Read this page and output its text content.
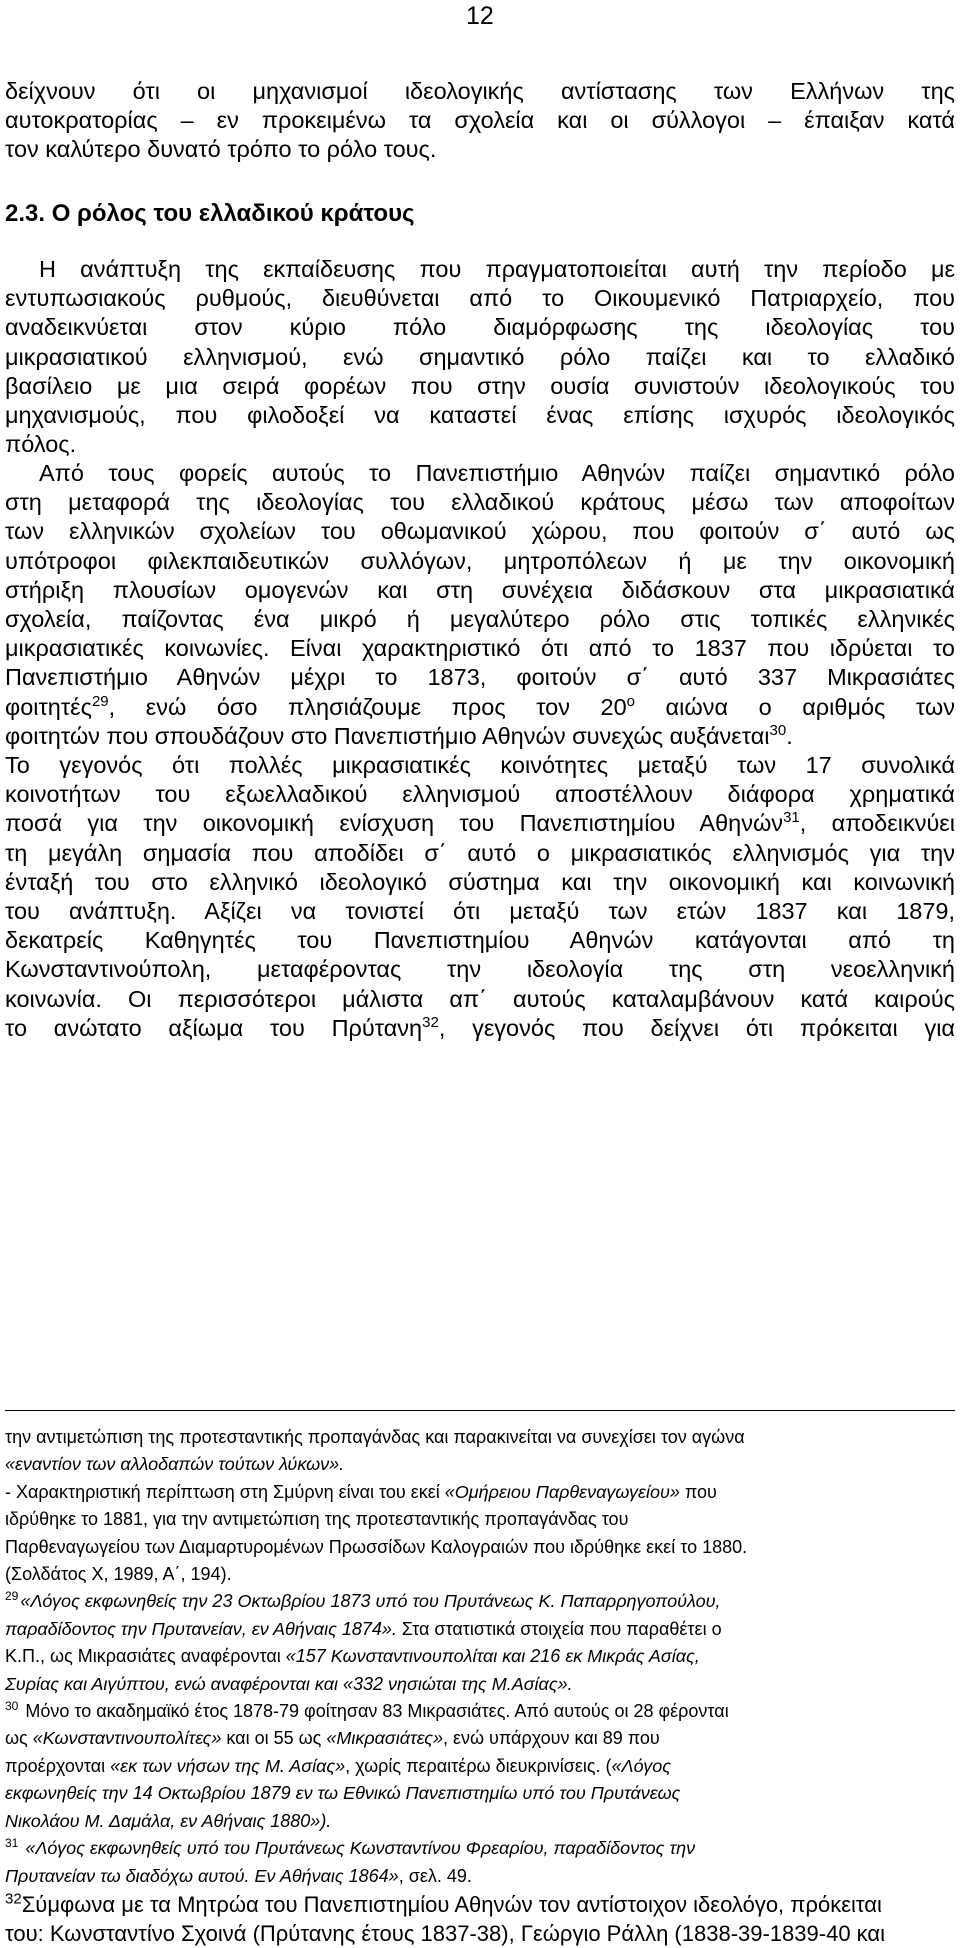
12
δείχνουν ότι οι μηχανισμοί ιδεολογικής αντίστασης των Ελλήνων της
αυτοκρατορίας – εν προκειμένω τα σχολεία και οι σύλλογοι – έπαιξαν κατά
τον καλύτερο δυνατό τρόπο το ρόλο τους.
2.3. Ο ρόλος του ελλαδικού κράτους
Η ανάπτυξη της εκπαίδευσης που πραγματοποιείται αυτή την περίοδο με
εντυπωσιακούς ρυθμούς, διευθύνεται από το Οικουμενικό Πατριαρχείο, που
αναδεικνύεται στον κύριο πόλο διαμόρφωσης της ιδεολογίας του
μικρασιατικού ελληνισμού, ενώ σημαντικό ρόλο παίζει και το ελλαδικό
βασίλειο με μια σειρά φορέων που στην ουσία συνιστούν ιδεολογικούς του
μηχανισμούς, που φιλοδοξεί να καταστεί ένας επίσης ισχυρός ιδεολογικός
πόλος.
Από τους φορείς αυτούς το Πανεπιστήμιο Αθηνών παίζει σημαντικό ρόλο
στη μεταφορά της ιδεολογίας του ελλαδικού κράτους μέσω των αποφοίτων
των ελληνικών σχολείων του οθωμανικού χώρου, που φοιτούν σ΄ αυτό ως
υπότροφοι φιλεκπαιδευτικών συλλόγων, μητροπόλεων ή με την οικονομική
στήριξη πλουσίων ομογενών και στη συνέχεια διδάσκουν στα μικρασιατικά
σχολεία, παίζοντας ένα μικρό ή μεγαλύτερο ρόλο στις τοπικές ελληνικές
μικρασιατικές κοινωνίες. Είναι χαρακτηριστικό ότι από το 1837 που ιδρύεται το
Πανεπιστήμιο Αθηνών μέχρι το 1873, φοιτούν σ΄ αυτό 337 Μικρασιάτες
φοιτητές$^{29}$, ενώ όσο πλησιάζουμε προς τον $20^o$ αιώνα ο αριθμός των
φοιτητών που σπουδάζουν στο Πανεπιστήμιο Αθηνών συνεχώς αυξάνεται$^{30}$.
Το γεγονός ότι πολλές μικρασιατικές κοινότητες μεταξύ των 17 συνολικά
κοινοτήτων του εξωελλαδικού ελληνισμού αποστέλλουν διάφορα χρηματικά
ποσά για την οικονομική ενίσχυση του Πανεπιστημίου Αθηνών$^{31}$, αποδεικνύει
τη μεγάλη σημασία που αποδίδει σ΄ αυτό ο μικρασιατικός ελληνισμός για την
ένταξή του στο ελληνικό ιδεολογικό σύστημα και την οικονομική και κοινωνική
του ανάπτυξη. Αξίζει να τονιστεί ότι μεταξύ των ετών 1837 και 1879,
δεκατρείς Καθηγητές του Πανεπιστημίου Αθηνών κατάγονται από τη
Κωνσταντινούπολη, μεταφέροντας την ιδεολογία της στη νεοελληνική
κοινωνία. Οι περισσότεροι μάλιστα απ΄ αυτούς καταλαμβάνουν κατά καιρούς
το ανώτατο αξίωμα του Πρύτανη$^{32}$, γεγονός που δείχνει ότι πρόκειται για

την αντιμετώπιση της προτεσταντικής προπαγάνδας και παρακινείται να συνεχίσει τον αγώνα

«εναντίον των αλλοδαπών τούτων λύκων».

- Χαρακτηριστική περίπτωση στη Σμύρνη είναι του εκεί «Ομήρειου Παρθεναγωγείου» που

ιδρύθηκε το 1881, για την αντιμετώπιση της προτεσταντικής προπαγάνδας του

Παρθεναγωγείου των Διαμαρτυρομένων Πρωσσίδων Καλογραιών που ιδρύθηκε εκεί το 1880.

(Σολδάτος Χ, 1989, Α΄, 194).

$^{29}$ «Λόγος εκφωνηθείς την 23 Οκτωβρίου 1873 υπό του Πρυτάνεως Κ. Παπαρρηγοπούλου,

παραδίδοντος την Πρυτανείαν, εν Αθήναις 1874». Στα στατιστικά στοιχεία που παραθέτει ο

Κ.Π., ως Μικρασιάτες αναφέρονται «157 Κωνσταντινουπολίται και 216 εκ Μικράς Ασίας,

Συρίας και Αιγύπτου, ενώ αναφέρονται και «332 νησιώται της Μ.Ασίας».

$^{30}$ Μόνο το ακαδημαϊκό έτος 1878-79 φοίτησαν 83 Μικρασιάτες. Από αυτούς οι 28 φέρονται

ως «Κωνσταντινουπολίτες» και οι 55 ως «Μικρασιάτες», ενώ υπάρχουν και 89 που

προέρχονται «εκ των νήσων της Μ. Ασίας», χωρίς περαιτέρω διευκρινίσεις. («Λόγος

εκφωνηθείς την 14 Οκτωβρίου 1879 εν τω Εθνικώ Πανεπιστημίω υπό του Πρυτάνεως

Νικολάου Μ. Δαμάλα, εν Αθήναις 1880»).

$^{31}$ «Λόγος εκφωνηθείς υπό του Πρυτάνεως Κωνσταντίνου Φρεαρίου, παραδίδοντος την

Πρυτανείαν τω διαδόχω αυτού. Εν Αθήναις 1864», σελ. 49.

$^{32}$Σύμφωνα με τα Μητρώα του Πανεπιστημίου Αθηνών τον αντίστοιχον ιδεολόγο, πρόκειται

του: Κωνσταντίνο Σχοινά (Πρύτανης έτους 1837-38), Γεώργιο Ράλλη (1838-39-1839-40 και
